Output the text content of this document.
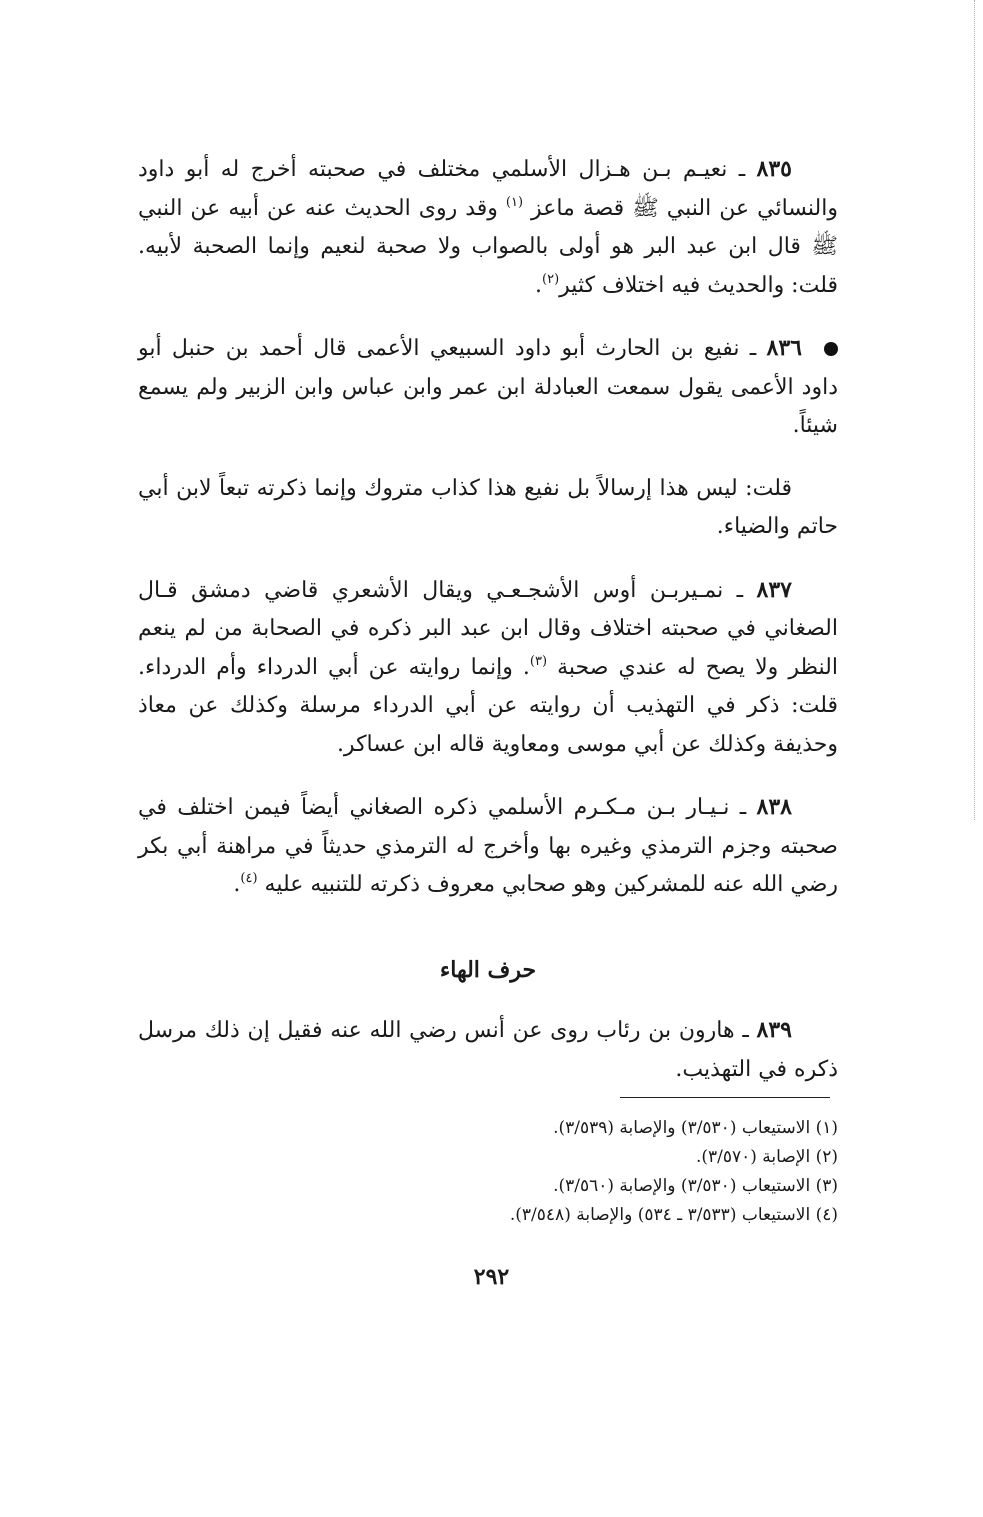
٨٣٥ ـ نعيـم بـن هـزال الأسلمي مختلف في صحبته أخرج له أبو داود والنسائي عن النبي ﷺ قصة ماعز $^{(١)}$ وقد روى الحديث عنه عن أبيه عن النبي ﷺ قال ابن عبد البر هو أولى بالصواب ولا صحبة لنعيم وإنما الصحبة لأبيه. قلت: والحديث فيه اختلاف كثير$^{(٢)}$.

٨٣٦ ـ نفيع بن الحارث أبو داود السبيعي الأعمى قال أحمد بن حنبل أبو داود الأعمى يقول سمعت العبادلة ابن عمر وابن عباس وابن الزبير ولم يسمع شيئاً.

قلت: ليس هذا إرسالاً بل نفيع هذا كذاب متروك وإنما ذكرته تبعاً لابن أبي حاتم والضياء.

٨٣٧ ـ نمـيربـن أوس الأشجـعـي ويقال الأشعري قاضي دمشق قـال الصغاني في صحبته اختلاف وقال ابن عبد البر ذكره في الصحابة من لم ينعم النظر ولا يصح له عندي صحبة $^{(٣)}$. وإنما روايته عن أبي الدرداء وأم الدرداء. قلت: ذكر في التهذيب أن روايته عن أبي الدرداء مرسلة وكذلك عن معاذ وحذيفة وكذلك عن أبي موسى ومعاوية قاله ابن عساكر.

٨٣٨ ـ نـيـار بـن مـكـرم الأسلمي ذكره الصغاني أيضاً فيمن اختلف في صحبته وجزم الترمذي وغيره بها وأخرج له الترمذي حديثاً في مراهنة أبي بكر رضي الله عنه للمشركين وهو صحابي معروف ذكرته للتنبيه عليه $^{(٤)}$.

حرف الهاء

٨٣٩ ـ هارون بن رئاب روى عن أنس رضي الله عنه فقيل إن ذلك مرسل ذكره في التهذيب.

(١) الاستيعاب (٣/٥٣٠) والإصابة (٣/٥٣٩).

(٢) الإصابة (٣/٥٧٠).

(٣) الاستيعاب (٣/٥٣٠) والإصابة (٣/٥٦٠).

(٤) الاستيعاب (٣/٥٣٣ ـ ٥٣٤) والإصابة (٣/٥٤٨).

٢٩٢
